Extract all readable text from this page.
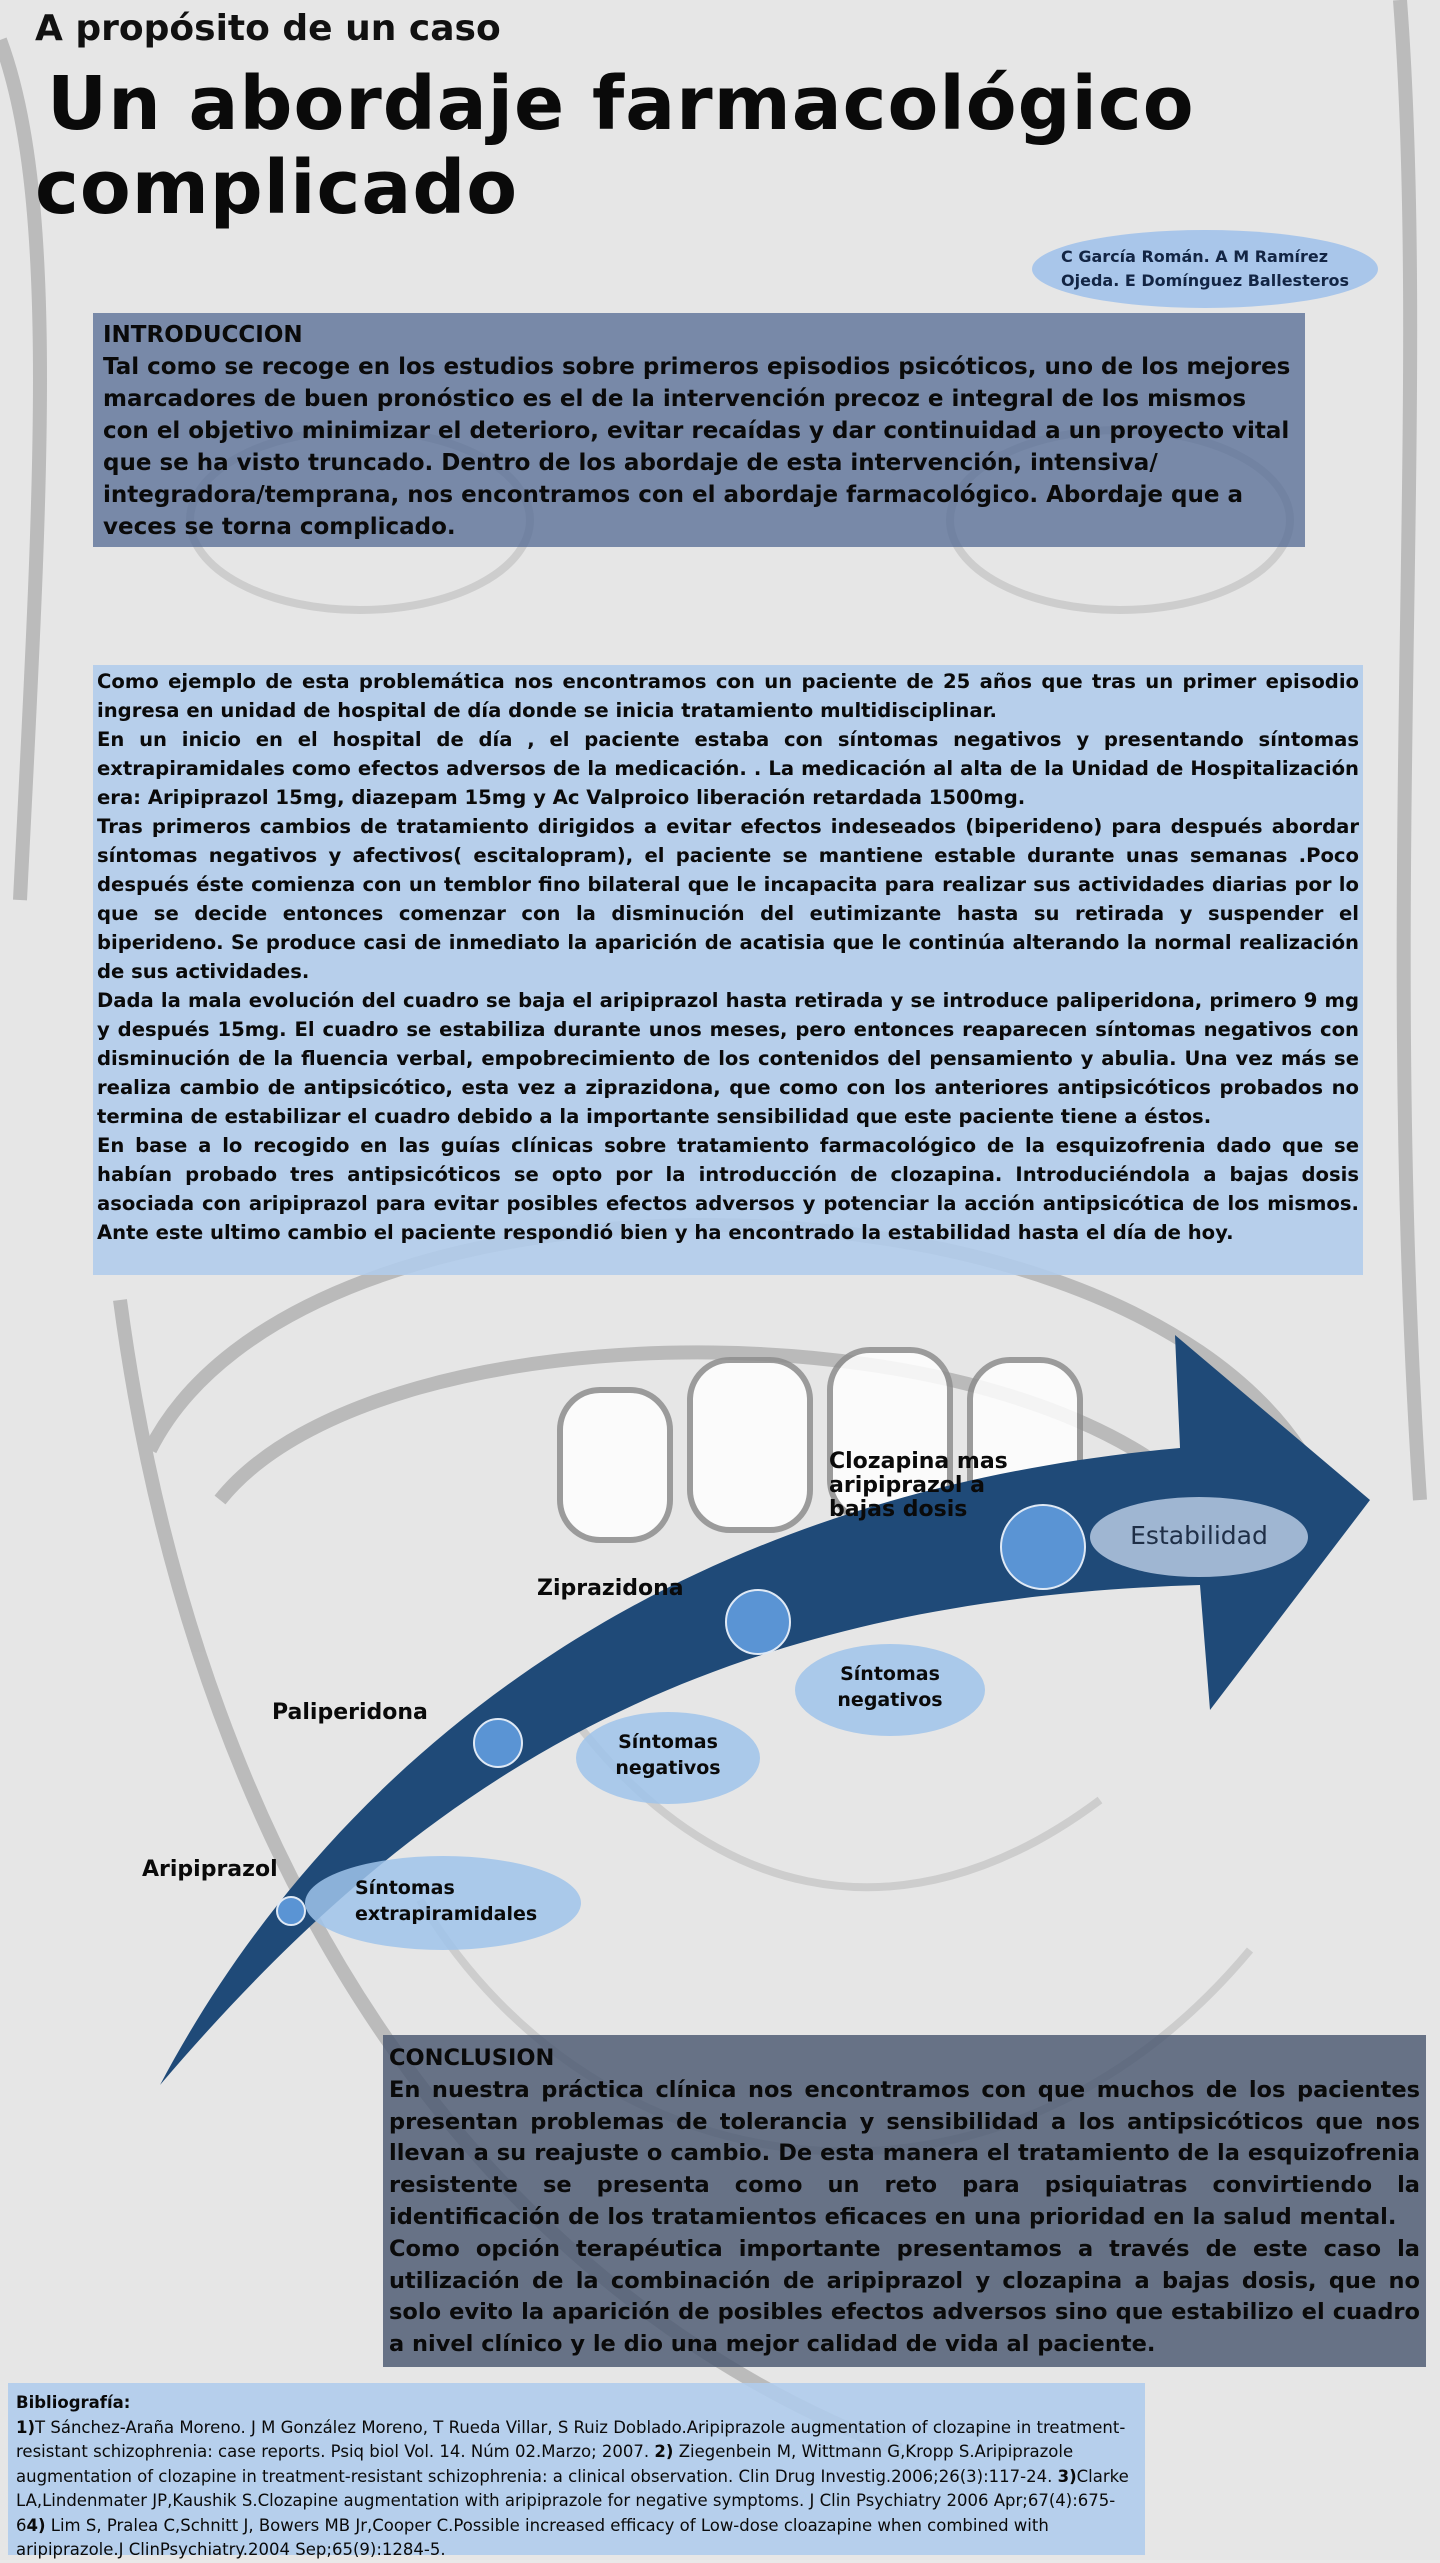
A propósito de un caso
Un abordaje farmacológico
complicado
C García Román. A M Ramírez
Ojeda. E Domínguez Ballesteros
INTRODUCCION
Tal como se recoge en los estudios sobre primeros episodios psicóticos, uno de los mejores marcadores de buen pronóstico es el de la intervención precoz e integral de los mismos con el objetivo minimizar el deterioro, evitar recaídas y dar continuidad a un proyecto vital que se ha visto truncado. Dentro de los abordaje de esta intervención, intensiva/ integradora/temprana, nos encontramos con el abordaje farmacológico. Abordaje que a veces se torna complicado.

Como ejemplo de esta problemática nos encontramos con un paciente de 25 años que tras un primer episodio ingresa en unidad de hospital de día donde se inicia tratamiento multidisciplinar.

En un inicio en el hospital de día , el paciente estaba con síntomas negativos y presentando síntomas extrapiramidales como efectos adversos de la medicación. . La medicación al alta de la Unidad de Hospitalización era: Aripiprazol 15mg, diazepam 15mg y Ac Valproico liberación retardada 1500mg.

Tras primeros cambios de tratamiento dirigidos a evitar efectos indeseados (biperideno) para después abordar síntomas negativos y afectivos( escitalopram), el paciente se mantiene estable durante unas semanas .Poco después éste comienza con un temblor fino bilateral que le incapacita para realizar sus actividades diarias por lo que se decide entonces comenzar con la disminución del eutimizante hasta su retirada y suspender el biperideno. Se produce casi de inmediato la aparición de acatisia que le continúa alterando la normal realización de sus actividades.

Dada la mala evolución del cuadro se baja el aripiprazol hasta retirada y se introduce paliperidona, primero 9 mg y después 15mg. El cuadro se estabiliza durante unos meses, pero entonces reaparecen síntomas negativos con disminución de la fluencia verbal, empobrecimiento de los contenidos del pensamiento y abulia. Una vez más se realiza cambio de antipsicótico, esta vez a ziprazidona, que como con los anteriores antipsicóticos probados no termina de estabilizar el cuadro debido a la importante sensibilidad que este paciente tiene a éstos.

En base a lo recogido en las guías clínicas sobre tratamiento farmacológico de la esquizofrenia dado que se habían probado tres antipsicóticos se opto por la introducción de clozapina. Introduciéndola a bajas dosis asociada con aripiprazol para evitar posibles efectos adversos y potenciar la acción antipsicótica de los mismos. Ante este ultimo cambio el paciente respondió bien y ha encontrado la estabilidad hasta el día de hoy.

Aripiprazol
Paliperidona
Ziprazidona
Clozapina mas
aripiprazol a
bajas dosis
Síntomas
extrapiramidales
Síntomas
negativos
Síntomas
negativos
Estabilidad

CONCLUSION

En nuestra práctica clínica nos encontramos con que muchos de los pacientes presentan problemas de tolerancia y sensibilidad a los antipsicóticos que nos llevan a su reajuste o cambio. De esta manera el tratamiento de la esquizofrenia resistente se presenta como un reto para psiquiatras convirtiendo la identificación de los tratamientos eficaces en una prioridad en la salud mental.

Como opción terapéutica importante presentamos a través de este caso la utilización de la combinación de aripiprazol y clozapina a bajas dosis, que no solo evito la aparición de posibles efectos adversos sino que estabilizo el cuadro a nivel clínico y le dio una mejor calidad de vida al paciente.

Bibliografía:
1)T Sánchez-Araña Moreno. J M González Moreno, T Rueda Villar, S Ruiz Doblado.Aripiprazole augmentation of clozapine in treatment-resistant schizophrenia: case reports. Psiq biol Vol. 14. Núm 02.Marzo; 2007. 2) Ziegenbein M, Wittmann G,Kropp S.Aripiprazole augmentation of clozapine in treatment-resistant schizophrenia: a clinical observation. Clin Drug Investig.2006;26(3):117-24. 3)Clarke LA,Lindenmater JP,Kaushik S.Clozapine augmentation with aripiprazole for negative symptoms. J Clin Psychiatry 2006 Apr;67(4):675-64) Lim S, Pralea C,Schnitt J, Bowers MB Jr,Cooper C.Possible increased efficacy of Low-dose cloazapine when combined with aripiprazole.J ClinPsychiatry.2004 Sep;65(9):1284-5.
